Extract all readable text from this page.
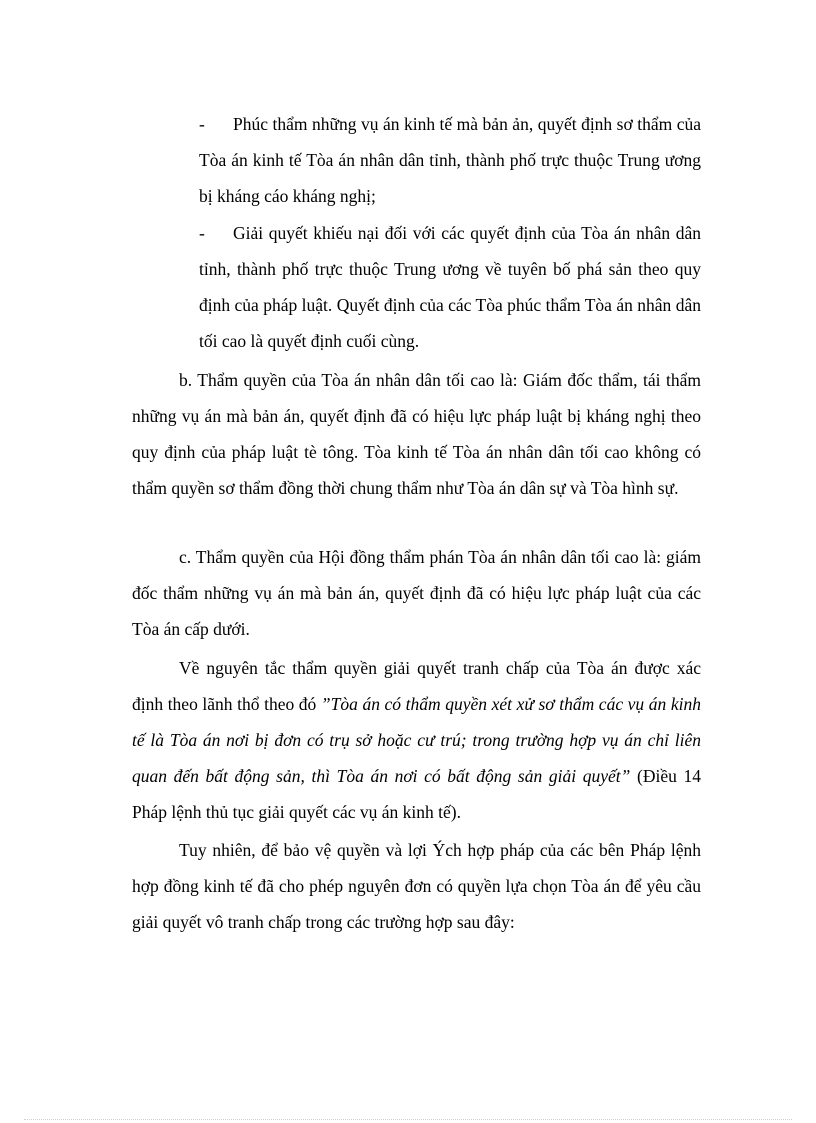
-	Phúc thẩm những vụ án kinh tế mà bản ản, quyết định sơ thẩm của Tòa án kinh tế Tòa án nhân dân tỉnh, thành phố trực thuộc Trung ương bị kháng cáo kháng nghị;
-	Giải quyết khiếu nại đối với các quyết định của Tòa án nhân dân tỉnh, thành phố trực thuộc Trung ương về tuyên bố phá sản theo quy định của pháp luật. Quyết định của các Tòa phúc thẩm Tòa án nhân dân tối cao là quyết định cuối cùng.
b. Thẩm quyền của Tòa án nhân dân tối cao là: Giám đốc thẩm, tái thẩm những vụ án mà bản án, quyết định đã có hiệu lực pháp luật bị kháng nghị theo quy định của pháp luật tè tông. Tòa kinh tế Tòa án nhân dân tối cao không có thẩm quyền sơ thẩm đồng thời chung thẩm như Tòa án dân sự và Tòa hình sự.
c. Thẩm quyền của Hội đồng thẩm phán Tòa án nhân dân tối cao là: giám đốc thẩm những vụ án mà bản án, quyết định đã có hiệu lực pháp luật của các Tòa án cấp dưới.
Về nguyên tắc thẩm quyền giải quyết tranh chấp của Tòa án được xác định theo lãnh thổ theo đó ”Tòa án có thẩm quyền xét xử sơ thẩm các vụ án kinh tế là Tòa án nơi bị đơn có trụ sở hoặc cư trú; trong trường hợp vụ án chỉ liên quan đến bất động sản, thì Tòa án nơi có bất động sản giải quyết” (Điều 14 Pháp lệnh thủ tục giải quyết các vụ án kinh tế).
Tuy nhiên, để bảo vệ quyền và lợi Ých hợp pháp của các bên Pháp lệnh hợp đồng kinh tế đã cho phép nguyên đơn có quyền lựa chọn Tòa án để yêu cầu giải quyết vô tranh chấp trong các trường hợp sau đây:
